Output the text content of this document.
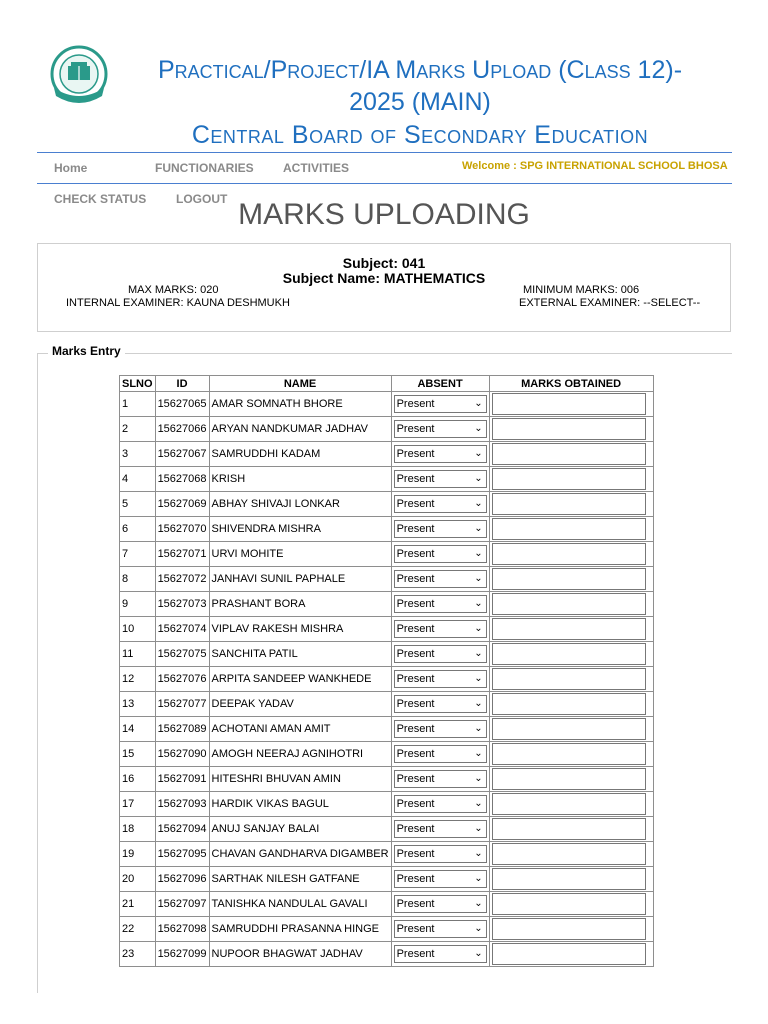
Practical/Project/IA Marks Upload (Class 12)-
2025 (MAIN)
Central Board of Secondary Education
Home	FUNCTIONARIES ACTIVITIES	Welcome : SPG INTERNATIONAL SCHOOL BHOSA
CHECK STATUS LOGOUT MARKS UPLOADING
Subject: 041
Subject Name: MATHEMATICS
MAX MARKS: 020	MINIMUM MARKS: 006
INTERNAL EXAMINER: KAUNA DESHMUKH	EXTERNAL EXAMINER: --SELECT--
Marks Entry
SLNO	ID	NAME	ABSENT	MARKS OBTAINED
1	15627065	AMAR SOMNATH BHORE	Present ⌄

2	15627066	ARYAN NANDKUMAR JADHAV	Present ⌄

3	15627067	SAMRUDDHI KADAM	Present ⌄

4	15627068	KRISH	Present ⌄

5	15627069	ABHAY SHIVAJI LONKAR	Present ⌄

6	15627070	SHIVENDRA MISHRA	Present ⌄

7	15627071	URVI MOHITE	Present ⌄

8	15627072	JANHAVI SUNIL PAPHALE	Present ⌄

9	15627073	PRASHANT BORA	Present ⌄

10	15627074	VIPLAV RAKESH MISHRA	Present ⌄

11	15627075	SANCHITA PATIL	Present ⌄

12	15627076	ARPITA SANDEEP WANKHEDE	Present ⌄

13	15627077	DEEPAK YADAV	Present ⌄

14	15627089	ACHOTANI AMAN AMIT	Present ⌄

15	15627090	AMOGH NEERAJ AGNIHOTRI	Present ⌄

16	15627091	HITESHRI BHUVAN AMIN	Present ⌄

17	15627093	HARDIK VIKAS BAGUL	Present ⌄

18	15627094	ANUJ SANJAY BALAI	Present ⌄

19	15627095	CHAVAN GANDHARVA DIGAMBER	Present ⌄

20	15627096	SARTHAK NILESH GATFANE	Present ⌄

21	15627097	TANISHKA NANDULAL GAVALI	Present ⌄

22	15627098	SAMRUDDHI PRASANNA HINGE	Present ⌄

23	15627099	NUPOOR BHAGWAT JADHAV	Present ⌄
